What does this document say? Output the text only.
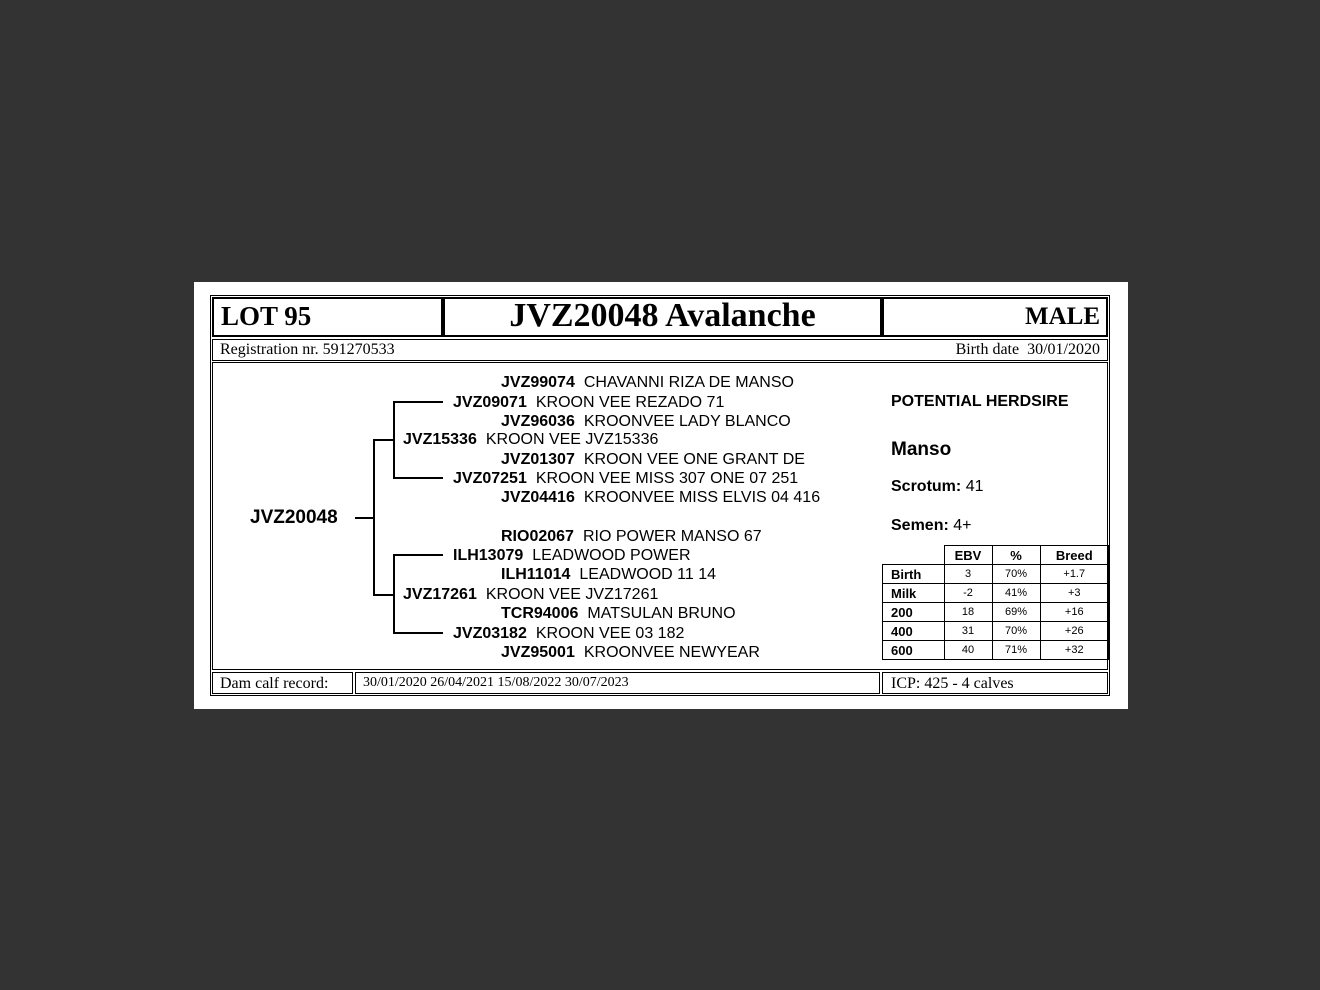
LOT 95	JVZ20048 Avalanche	MALE
Registration nr. 591270533	Birth date 30/01/2020
JVZ20048
JVZ99074 CHAVANNI RIZA DE MANSO
JVZ09071 KROON VEE REZADO 71
JVZ96036 KROONVEE LADY BLANCO
JVZ15336 KROON VEE JVZ15336
JVZ01307 KROON VEE ONE GRANT DE
JVZ07251 KROON VEE MISS 307 ONE 07 251
JVZ04416 KROONVEE MISS ELVIS 04 416
RIO02067 RIO POWER MANSO 67
ILH13079 LEADWOOD POWER
ILH11014 LEADWOOD 11 14
JVZ17261 KROON VEE JVZ17261
TCR94006 MATSULAN BRUNO
JVZ03182 KROON VEE 03 182
JVZ95001 KROONVEE NEWYEAR
POTENTIAL HERDSIRE
Manso
Scrotum: 41
Semen: 4+
	EBV	%	Breed
Birth	3	70%	+1.7
Milk	-2	41%	+3
200	18	69%	+16
400	31	70%	+26
600	40	71%	+32
Dam calf record: 30/01/2020 26/04/2021 15/08/2022 30/07/2023	ICP: 425 - 4 calves
